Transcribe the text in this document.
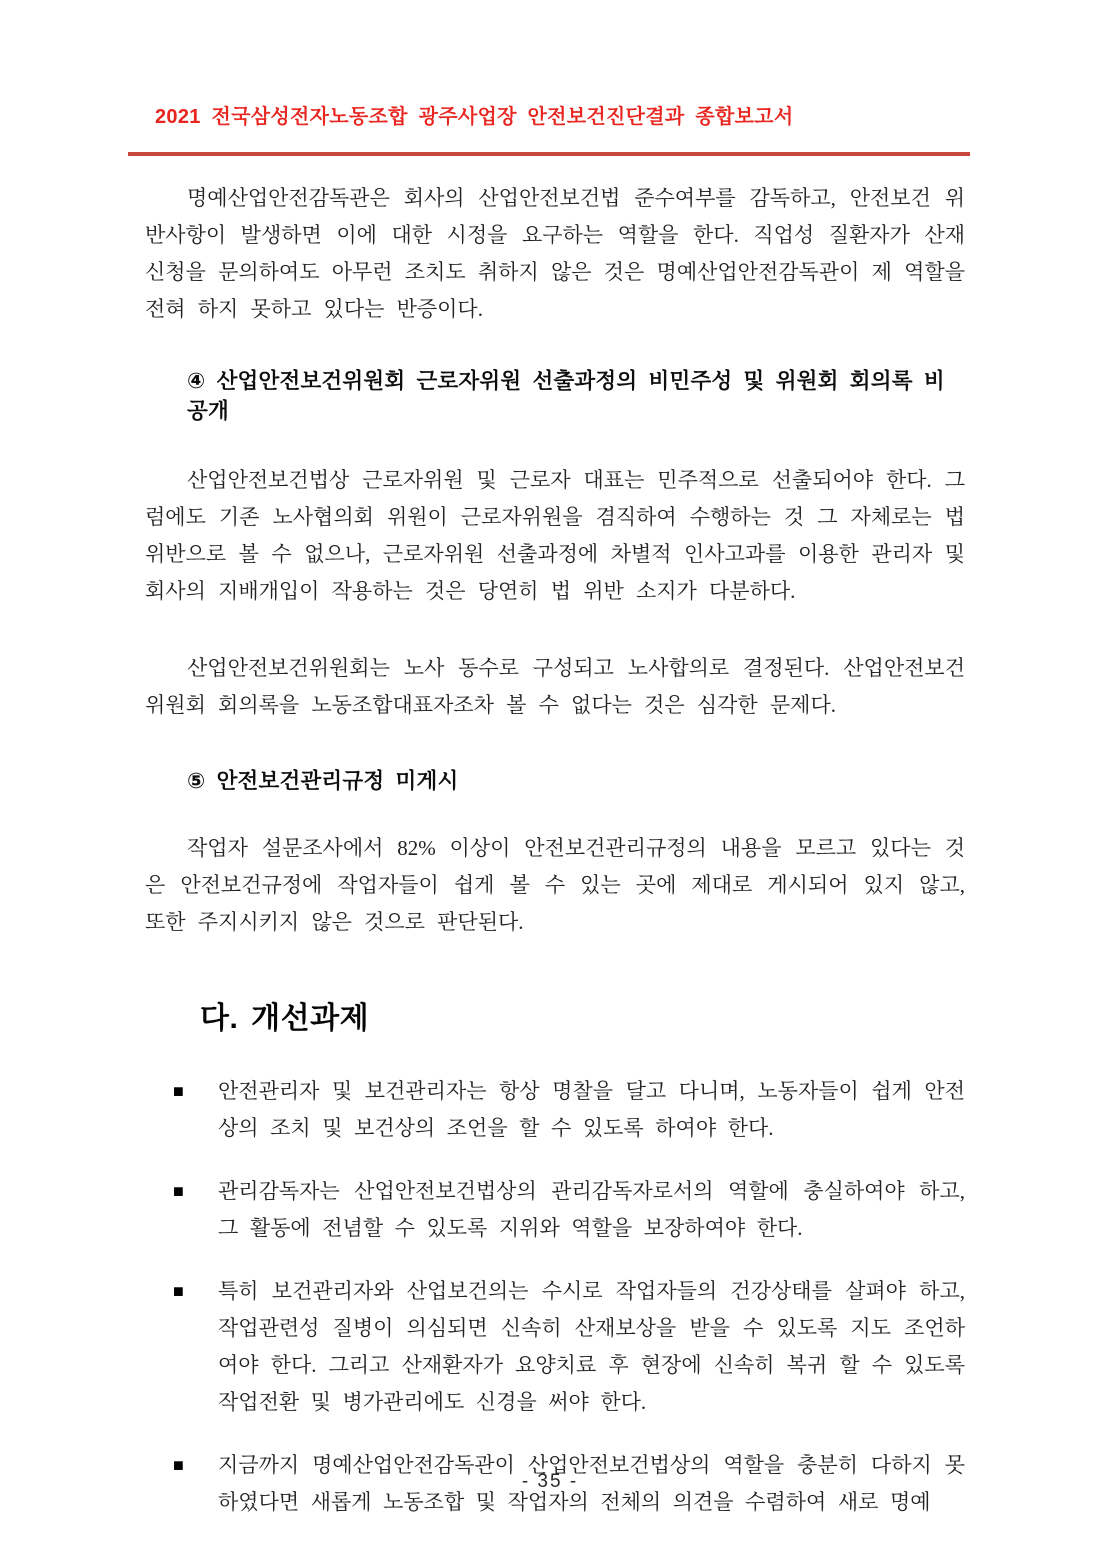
2021 전국삼성전자노동조합 광주사업장 안전보건진단결과 종합보고서

명예산업안전감독관은 회사의 산업안전보건법 준수여부를 감독하고, 안전보건 위반사항이 발생하면 이에 대한 시정을 요구하는 역할을 한다. 직업성 질환자가 산재 신청을 문의하여도 아무런 조치도 취하지 않은 것은 명예산업안전감독관이 제 역할을 전혀 하지 못하고 있다는 반증이다.

④ 산업안전보건위원회 근로자위원 선출과정의 비민주성 및 위원회 회의록 비공개

산업안전보건법상 근로자위원 및 근로자 대표는 민주적으로 선출되어야 한다. 그럼에도 기존 노사협의회 위원이 근로자위원을 겸직하여 수행하는 것 그 자체로는 법위반으로 볼 수 없으나, 근로자위원 선출과정에 차별적 인사고과를 이용한 관리자 및 회사의 지배개입이 작용하는 것은 당연히 법 위반 소지가 다분하다.

산업안전보건위원회는 노사 동수로 구성되고 노사합의로 결정된다. 산업안전보건위원회 회의록을 노동조합대표자조차 볼 수 없다는 것은 심각한 문제다.

⑤ 안전보건관리규정 미게시

작업자 설문조사에서 82% 이상이 안전보건관리규정의 내용을 모르고 있다는 것은 안전보건규정에 작업자들이 쉽게 볼 수 있는 곳에 제대로 게시되어 있지 않고, 또한 주지시키지 않은 것으로 판단된다.

다. 개선과제
■	안전관리자 및 보건관리자는 항상 명찰을 달고 다니며, 노동자들이 쉽게 안전상의 조치 및 보건상의 조언을 할 수 있도록 하여야 한다.
■	관리감독자는 산업안전보건법상의 관리감독자로서의 역할에 충실하여야 하고, 그 활동에 전념할 수 있도록 지위와 역할을 보장하여야 한다.
■	특히 보건관리자와 산업보건의는 수시로 작업자들의 건강상태를 살펴야 하고, 작업관련성 질병이 의심되면 신속히 산재보상을 받을 수 있도록 지도 조언하여야 한다. 그리고 산재환자가 요양치료 후 현장에 신속히 복귀 할 수 있도록 작업전환 및 병가관리에도 신경을 써야 한다.
■	지금까지 명예산업안전감독관이 산업안전보건법상의 역할을 충분히 다하지 못하였다면 새롭게 노동조합 및 작업자의 전체의 의견을 수렴하여 새로 명예
- 35 -
